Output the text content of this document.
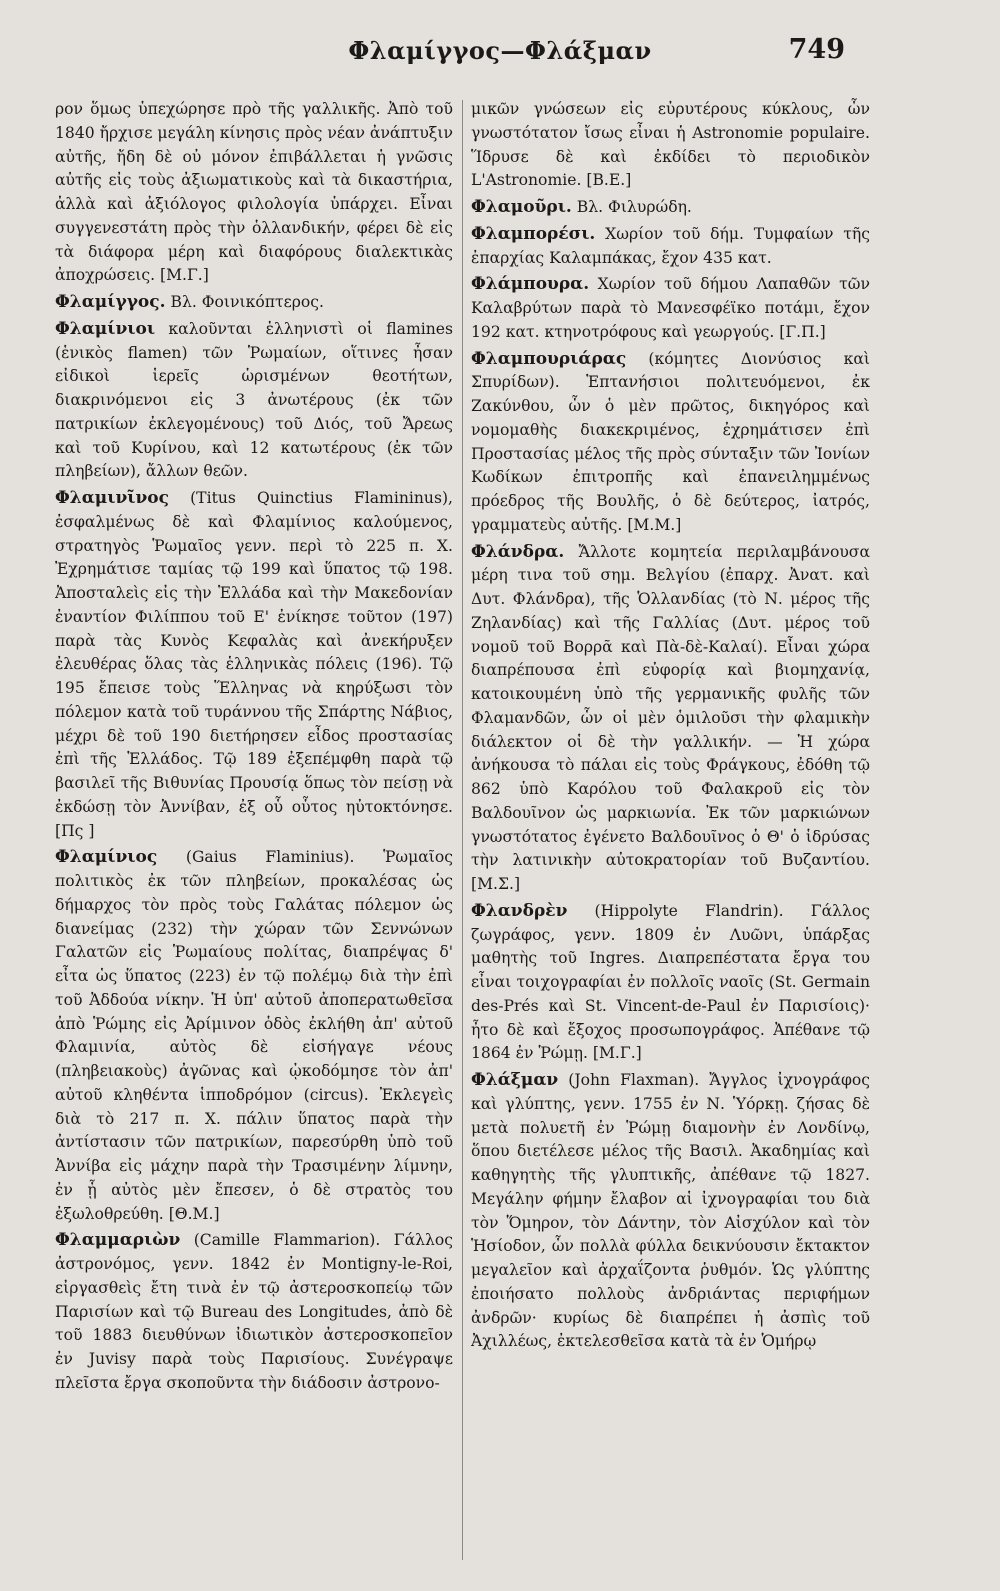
Φλαμίγγος—Φλάξμαν	749

ρον ὅμως ὑπεχώρησε πρὸ τῆς γαλλικῆς. Ἀπὸ τοῦ 1840 ἤρχισε μεγάλη κίνησις πρὸς νέαν ἀνάπτυξιν αὐτῆς, ἤδη δὲ οὐ μόνον ἐπιβάλλεται ἡ γνῶσις αὐτῆς εἰς τοὺς ἀξιωματικοὺς καὶ τὰ δικαστήρια, ἀλλὰ καὶ ἀξιόλογος φιλολογία ὑπάρχει. Εἶναι συγγενεστάτη πρὸς τὴν ὁλλανδικήν, φέρει δὲ εἰς τὰ διάφορα μέρη καὶ διαφόρους διαλεκτικὰς ἀποχρώσεις. [Μ.Γ.]

Φλαμίγγος. Βλ. Φοινικόπτερος.

Φλαμίνιοι καλοῦνται ἑλληνιστὶ οἱ flamines (ἑνικὸς flamen) τῶν Ῥωμαίων, οἵτινες ἦσαν εἰδικοὶ ἱερεῖς ὡρισμένων θεοτήτων, διακρινόμενοι εἰς 3 ἀνωτέρους (ἐκ τῶν πατρικίων ἐκλεγομένους) τοῦ Διός, τοῦ Ἄρεως καὶ τοῦ Κυρίνου, καὶ 12 κατωτέρους (ἐκ τῶν πληβείων), ἄλλων θεῶν.

Φλαμινῖνος (Titus Quinctius Flamininus), ἐσφαλμένως δὲ καὶ Φλαμίνιος καλούμενος, στρατηγὸς Ῥωμαῖος γενν. περὶ τὸ 225 π. Χ. Ἐχρημάτισε ταμίας τῷ 199 καὶ ὕπατος τῷ 198. Ἀποσταλεὶς εἰς τὴν Ἑλλάδα καὶ τὴν Μακεδονίαν ἐναντίον Φιλίππου τοῦ Ε' ἐνίκησε τοῦτον (197) παρὰ τὰς Κυνὸς Κεφαλὰς καὶ ἀνεκήρυξεν ἐλευθέρας ὅλας τὰς ἑλληνικὰς πόλεις (196). Τῷ 195 ἔπεισε τοὺς Ἕλληνας νὰ κηρύξωσι τὸν πόλεμον κατὰ τοῦ τυράννου τῆς Σπάρτης Νάβιος, μέχρι δὲ τοῦ 190 διετήρησεν εἶδος προστασίας ἐπὶ τῆς Ἑλλάδος. Τῷ 189 ἐξεπέμφθη παρὰ τῷ βασιλεῖ τῆς Βιθυνίας Προυσίᾳ ὅπως τὸν πείσῃ νὰ ἐκδώσῃ τὸν Ἀννίβαν, ἐξ οὗ οὗτος ηὐτοκτόνησε. [Πς ]

Φλαμίνιος (Gaius Flaminius). Ῥωμαῖος πολιτικὸς ἐκ τῶν πληβείων, προκαλέσας ὡς δήμαρχος τὸν πρὸς τοὺς Γαλάτας πόλεμον ὡς διανείμας (232) τὴν χώραν τῶν Σεννώνων Γαλατῶν εἰς Ῥωμαίους πολίτας, διαπρέψας δ' εἶτα ὡς ὕπατος (223) ἐν τῷ πολέμῳ διὰ τὴν ἐπὶ τοῦ Ἀδδούα νίκην. Ἡ ὑπ' αὐτοῦ ἀποπερατωθεῖσα ἀπὸ Ῥώμης εἰς Ἀρίμινον ὁδὸς ἐκλήθη ἀπ' αὐτοῦ Φλαμινία, αὐτὸς δὲ εἰσήγαγε νέους (πληβειακοὺς) ἀγῶνας καὶ ᾠκοδόμησε τὸν ἀπ' αὐτοῦ κληθέντα ἱπποδρόμον (circus). Ἐκλεγεὶς διὰ τὸ 217 π. Χ. πάλιν ὕπατος παρὰ τὴν ἀντίστασιν τῶν πατρικίων, παρεσύρθη ὑπὸ τοῦ Ἀννίβα εἰς μάχην παρὰ τὴν Τρασιμένην λίμνην, ἐν ᾗ αὐτὸς μὲν ἔπεσεν, ὁ δὲ στρατὸς του ἐξωλοθρεύθη. [Θ.Μ.]

Φλαμμαριὼν (Camille Flammarion). Γάλλος ἀστρονόμος, γενν. 1842 ἐν Montigny-le-Roi, εἰργασθεὶς ἔτη τινὰ ἐν τῷ ἀστεροσκοπείῳ τῶν Παρισίων καὶ τῷ Bureau des Longitudes, ἀπὸ δὲ τοῦ 1883 διευθύνων ἰδιωτικὸν ἀστεροσκοπεῖον ἐν Juvisy παρὰ τοὺς Παρισίους. Συνέγραψε πλεῖστα ἔργα σκοποῦντα τὴν διάδοσιν ἀστρονο-

μικῶν γνώσεων εἰς εὐρυτέρους κύκλους, ὧν γνωστότατον ἴσως εἶναι ἡ Astronomie populaire. Ἵδρυσε δὲ καὶ ἐκδίδει τὸ περιοδικὸν L'Astronomie. [Β.Ε.]

Φλαμοῦρι. Βλ. Φιλυρώδη.

Φλαμπορέσι. Χωρίον τοῦ δήμ. Τυμφαίων τῆς ἐπαρχίας Καλαμπάκας, ἔχον 435 κατ.

Φλάμπουρα. Χωρίον τοῦ δήμου Λαπαθῶν τῶν Καλαβρύτων παρὰ τὸ Μανεσφέϊκο ποτάμι, ἔχον 192 κατ. κτηνοτρόφους καὶ γεωργούς. [Γ.Π.]

Φλαμπουριάρας (κόμητες Διονύσιος καὶ Σπυρίδων). Ἑπτανήσιοι πολιτευόμενοι, ἐκ Ζακύνθου, ὧν ὁ μὲν πρῶτος, δικηγόρος καὶ νομομαθὴς διακεκριμένος, ἐχρημάτισεν ἐπὶ Προστασίας μέλος τῆς πρὸς σύνταξιν τῶν Ἰονίων Κωδίκων ἐπιτροπῆς καὶ ἐπανειλημμένως πρόεδρος τῆς Βουλῆς, ὁ δὲ δεύτερος, ἰατρός, γραμματεὺς αὐτῆς. [Μ.Μ.]

Φλάνδρα. Ἄλλοτε κομητεία περιλαμβάνουσα μέρη τινα τοῦ σημ. Βελγίου (ἐπαρχ. Ἀνατ. καὶ Δυτ. Φλάνδρα), τῆς Ὁλλανδίας (τὸ Ν. μέρος τῆς Ζηλανδίας) καὶ τῆς Γαλλίας (Δυτ. μέρος τοῦ νομοῦ τοῦ Βορρᾶ καὶ Πὰ-δὲ-Καλαί). Εἶναι χώρα διαπρέπουσα ἐπὶ εὐφορίᾳ καὶ βιομηχανίᾳ, κατοικουμένη ὑπὸ τῆς γερμανικῆς φυλῆς τῶν Φλαμανδῶν, ὧν οἱ μὲν ὁμιλοῦσι τὴν φλαμικὴν διάλεκτον οἱ δὲ τὴν γαλλικήν. — Ἡ χώρα ἀνήκουσα τὸ πάλαι εἰς τοὺς Φράγκους, ἐδόθη τῷ 862 ὑπὸ Καρόλου τοῦ Φαλακροῦ εἰς τὸν Βαλδουῖνον ὡς μαρκιωνία. Ἐκ τῶν μαρκιώνων γνωστότατος ἐγένετο Βαλδουῖνος ὁ Θ' ὁ ἱδρύσας τὴν λατινικὴν αὐτοκρατορίαν τοῦ Βυζαντίου. [Μ.Σ.]

Φλανδρὲν (Hippolyte Flandrin). Γάλλος ζωγράφος, γενν. 1809 ἐν Λυῶνι, ὑπάρξας μαθητὴς τοῦ Ingres. Διαπρεπέστατα ἔργα του εἶναι τοιχογραφίαι ἐν πολλοῖς ναοῖς (St. Germain des-Prés καὶ St. Vincent-de-Paul ἐν Παρισίοις)· ἦτο δὲ καὶ ἔξοχος προσωπογράφος. Ἀπέθανε τῷ 1864 ἐν Ῥώμῃ. [Μ.Γ.]

Φλάξμαν (John Flaxman). Ἄγγλος ἰχνογράφος καὶ γλύπτης, γενν. 1755 ἐν Ν. Ὑόρκῃ. ζήσας δὲ μετὰ πολυετῆ ἐν Ῥώμῃ διαμονὴν ἐν Λονδίνῳ, ὅπου διετέλεσε μέλος τῆς Βασιλ. Ἀκαδημίας καὶ καθηγητὴς τῆς γλυπτικῆς, ἀπέθανε τῷ 1827. Μεγάλην φήμην ἔλαβον αἱ ἰχνογραφίαι του διὰ τὸν Ὅμηρον, τὸν Δάντην, τὸν Αἰσχύλον καὶ τὸν Ἡσίοδον, ὧν πολλὰ φύλλα δεικνύουσιν ἔκτακτον μεγαλεῖον καὶ ἀρχαΐζοντα ῥυθμόν. Ὡς γλύπτης ἐποιήσατο πολλοὺς ἀνδριάντας περιφήμων ἀνδρῶν· κυρίως δὲ διαπρέπει ἡ ἀσπὶς τοῦ Ἀχιλλέως, ἐκτελεσθεῖσα κατὰ τὰ ἐν Ὁμήρῳ
